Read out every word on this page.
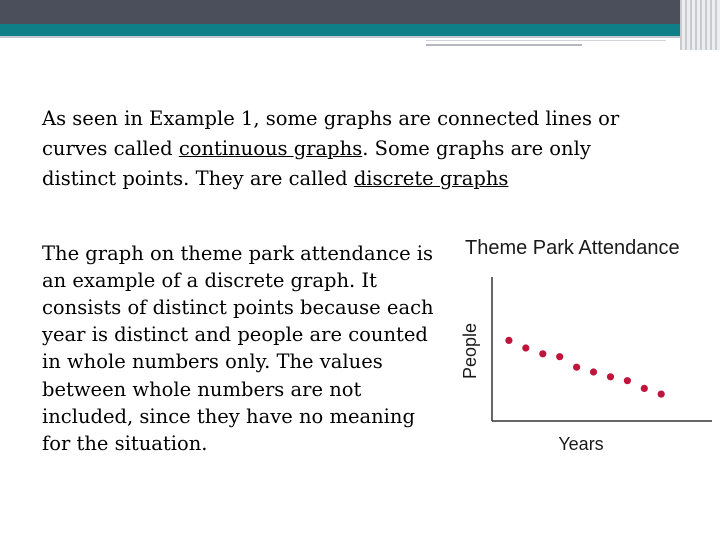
As seen in Example 1, some graphs are connected lines or curves called continuous graphs. Some graphs are only distinct points. They are called discrete graphs

The graph on theme park attendance is an example of a discrete graph. It consists of distinct points because each year is distinct and people are counted in whole numbers only. The values between whole numbers are not included, since they have no meaning for the situation.

Theme Park Attendance
People
Years
